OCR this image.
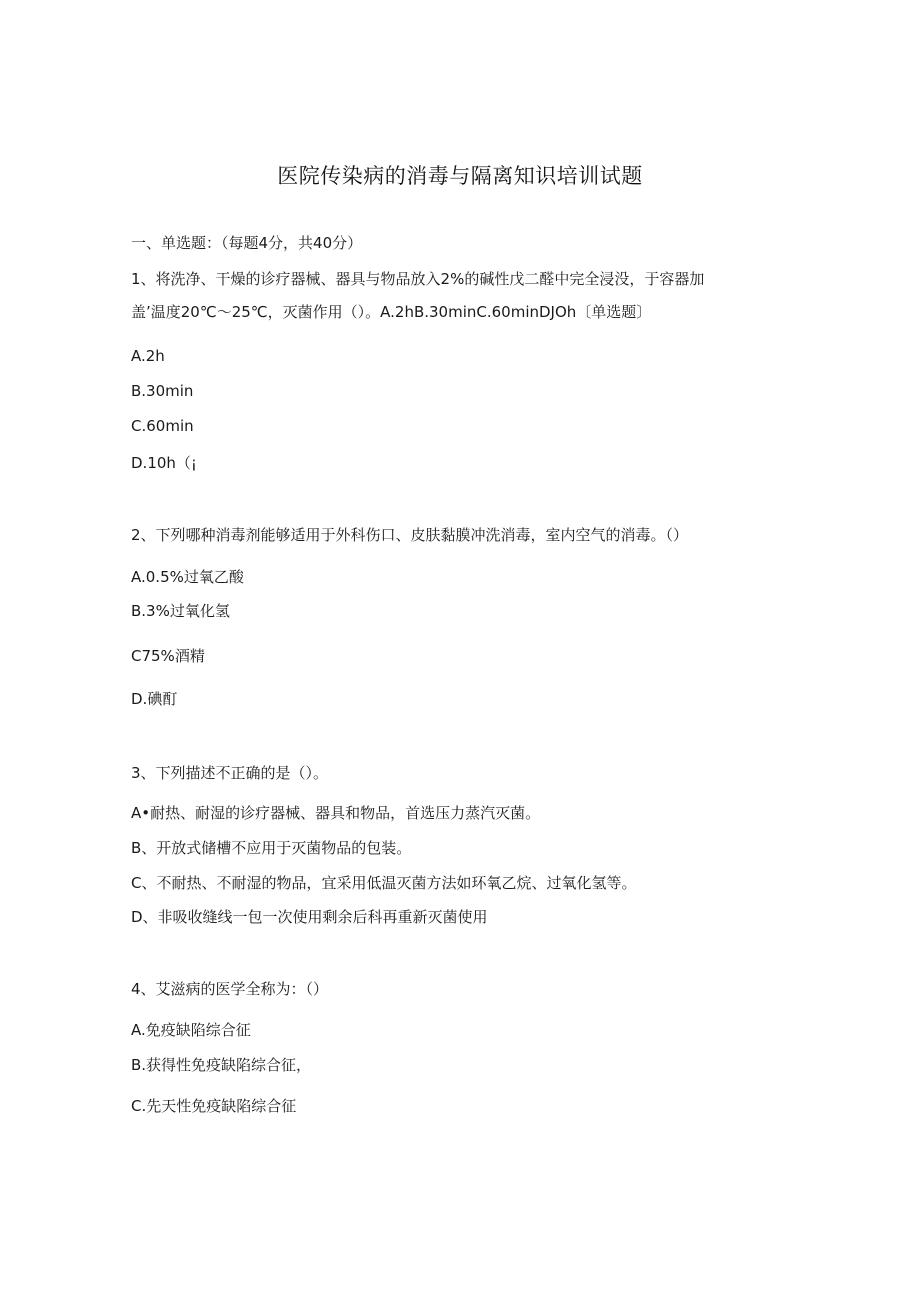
医院传染病的消毒与隔离知识培训试题
一、单选题：（每题4分，共40分）
1、将洗净、干燥的诊疗器械、器具与物品放入2%的碱性戊二醛中完全浸没，于容器加
盖’温度20℃～25℃，灭菌作用（）。A.2hB.30minC.60minDJOh〔单选题〕
A.2h
B.30min
C.60min
D.10h（¡
2、下列哪种消毒剂能够适用于外科伤口、皮肤黏膜冲洗消毒，室内空气的消毒。（）
A.0.5%过氧乙酸
B.3%过氧化氢
C75%酒精
D.碘酊
3、下列描述不正确的是（）。
A•耐热、耐湿的诊疗器械、器具和物品，首选压力蒸汽灭菌。
B、开放式储槽不应用于灭菌物品的包装。
C、不耐热、不耐湿的物品，宜采用低温灭菌方法如环氧乙烷、过氧化氢等。
D、非吸收缝线一包一次使用剩余后科再重新灭菌使用
4、艾滋病的医学全称为：（）
A.免疫缺陷综合征
B.获得性免疫缺陷综合征，
C.先天性免疫缺陷综合征
